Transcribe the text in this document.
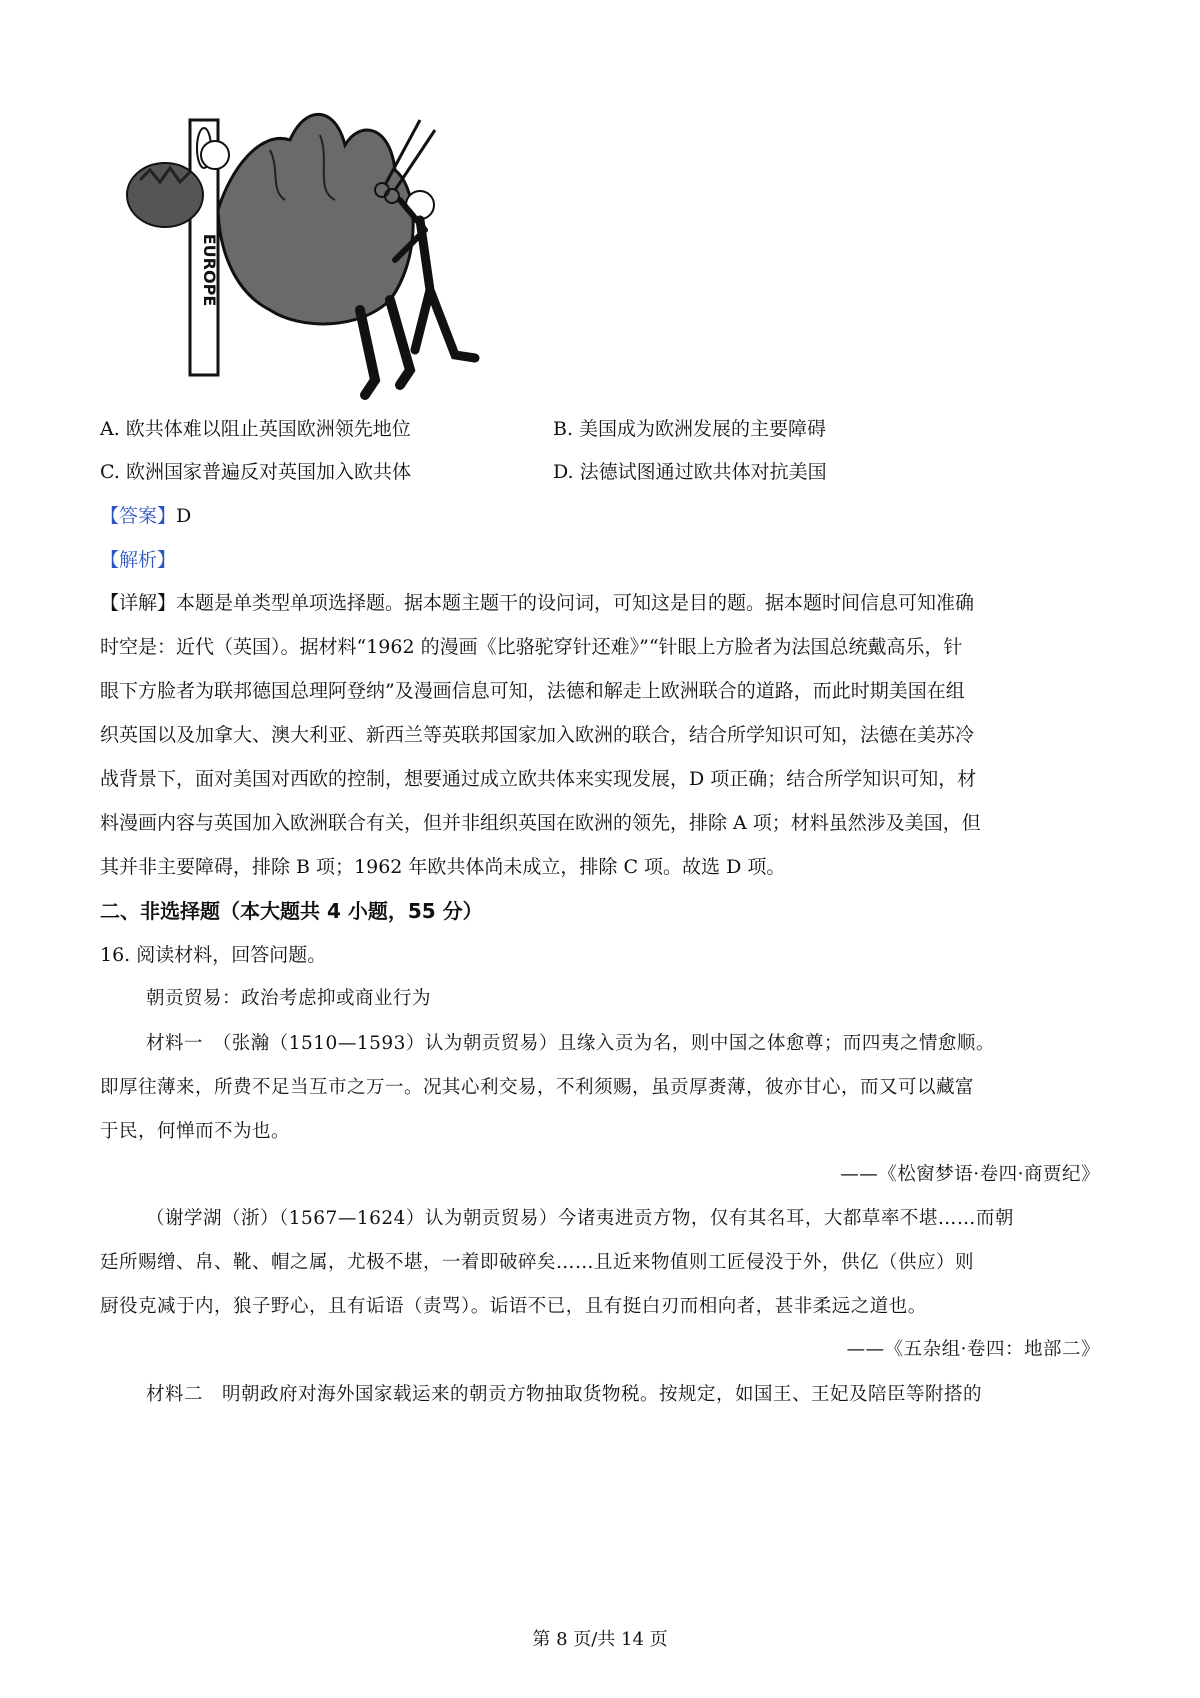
EUROPE
A. 欧共体难以阻止英国欧洲领先地位	B. 美国成为欧洲发展的主要障碍
C. 欧洲国家普遍反对英国加入欧共体	D. 法德试图通过欧共体对抗美国
【答案】D
【解析】
【详解】本题是单类型单项选择题。据本题主题干的设问词，可知这是目的题。据本题时间信息可知准确
时空是：近代（英国）。据材料“1962 的漫画《比骆驼穿针还难》”“针眼上方脸者为法国总统戴高乐，针
眼下方脸者为联邦德国总理阿登纳”及漫画信息可知，法德和解走上欧洲联合的道路，而此时期美国在组
织英国以及加拿大、澳大利亚、新西兰等英联邦国家加入欧洲的联合，结合所学知识可知，法德在美苏冷
战背景下，面对美国对西欧的控制，想要通过成立欧共体来实现发展，D 项正确；结合所学知识可知，材
料漫画内容与英国加入欧洲联合有关，但并非组织英国在欧洲的领先，排除 A 项；材料虽然涉及美国，但
其并非主要障碍，排除 B 项；1962 年欧共体尚未成立，排除 C 项。故选 D 项。
二、非选择题（本大题共 4 小题，55 分）
16. 阅读材料，回答问题。
朝贡贸易：政治考虑抑或商业行为
材料一　（张瀚（1510—1593）认为朝贡贸易）且缘入贡为名，则中国之体愈尊；而四夷之情愈顺。
即厚往薄来，所费不足当互市之万一。况其心利交易，不利须赐，虽贡厚赉薄，彼亦甘心，而又可以藏富
于民，何惮而不为也。
——《松窗梦语·卷四·商贾纪》
（谢学湖（浙）（1567—1624）认为朝贡贸易）今诸夷进贡方物，仅有其名耳，大都草率不堪……而朝
廷所赐缯、帛、靴、帽之属，尤极不堪，一着即破碎矣……且近来物值则工匠侵没于外，供亿（供应）则
厨役克减于内，狼子野心，且有诟语（责骂）。诟语不已，且有挺白刃而相向者，甚非柔远之道也。
——《五杂组·卷四：地部二》
材料二　明朝政府对海外国家载运来的朝贡方物抽取货物税。按规定，如国王、王妃及陪臣等附搭的
第 8 页/共 14 页
